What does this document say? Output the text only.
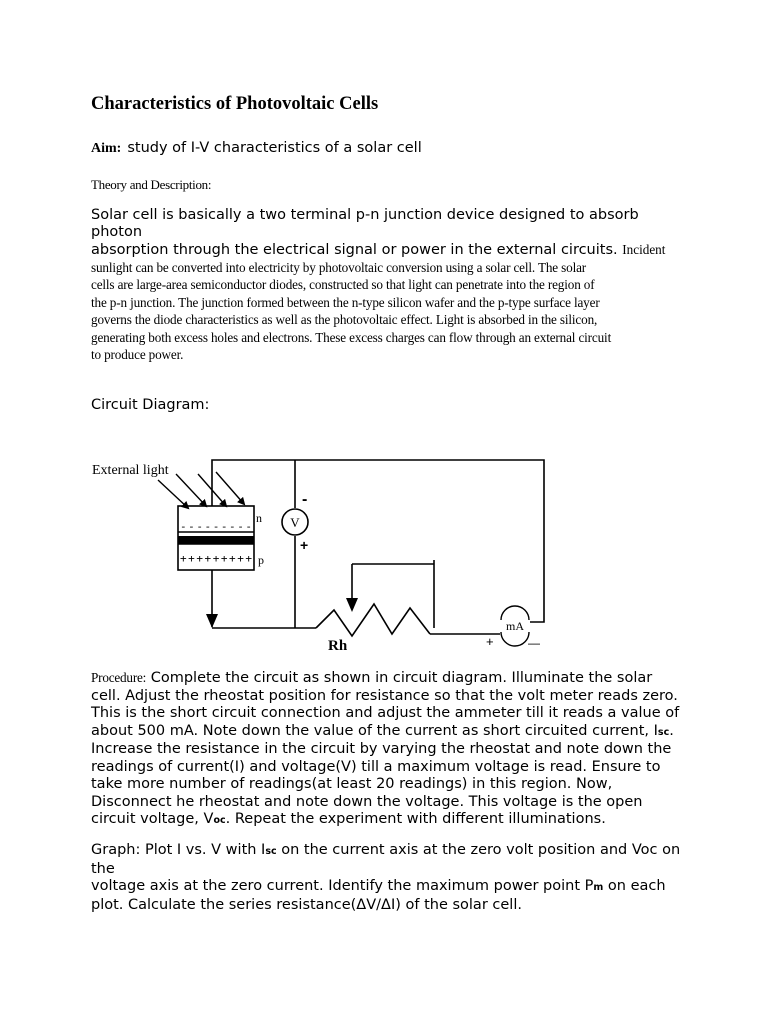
Characteristics of Photovoltaic Cells
Aim: study of I-V characteristics of a solar cell
Theory and Description:
Solar cell is basically a two terminal p-n junction device designed to absorb photon
absorption through the electrical signal or power in the external circuits. Incident
sunlight can be converted into electricity by photovoltaic conversion using a solar cell. The solar
cells are large-area semiconductor diodes, constructed so that light can penetrate into the region of
the p-n junction. The junction formed between the n-type silicon wafer and the p-type surface layer
governs the diode characteristics as well as the photovoltaic effect. Light is absorbed in the silicon,
generating both excess holes and electrons. These excess charges can flow through an external circuit
to produce power.
Circuit Diagram:
V
-
+
mA
+	—
External light
n
p
Rh
- - - - - - - - -
+++++++++
Procedure: Complete the circuit as shown in circuit diagram. Illuminate the solar
cell. Adjust the rheostat position for resistance so that the volt meter reads zero.
This is the short circuit connection and adjust the ammeter till it reads a value of
about 500 mA. Note down the value of the current as short circuited current, Isc.
Increase the resistance in the circuit by varying the rheostat and note down the
readings of current(I) and voltage(V) till a maximum voltage is read. Ensure to
take more number of readings(at least 20 readings) in this region. Now,
Disconnect he rheostat and note down the voltage. This voltage is the open
circuit voltage, Voc. Repeat the experiment with different illuminations.
Graph: Plot I vs. V with Isc on the current axis at the zero volt position and Voc on
the
voltage axis at the zero current. Identify the maximum power point Pm on each
plot. Calculate the series resistance(ΔV/ΔI) of the solar cell.
